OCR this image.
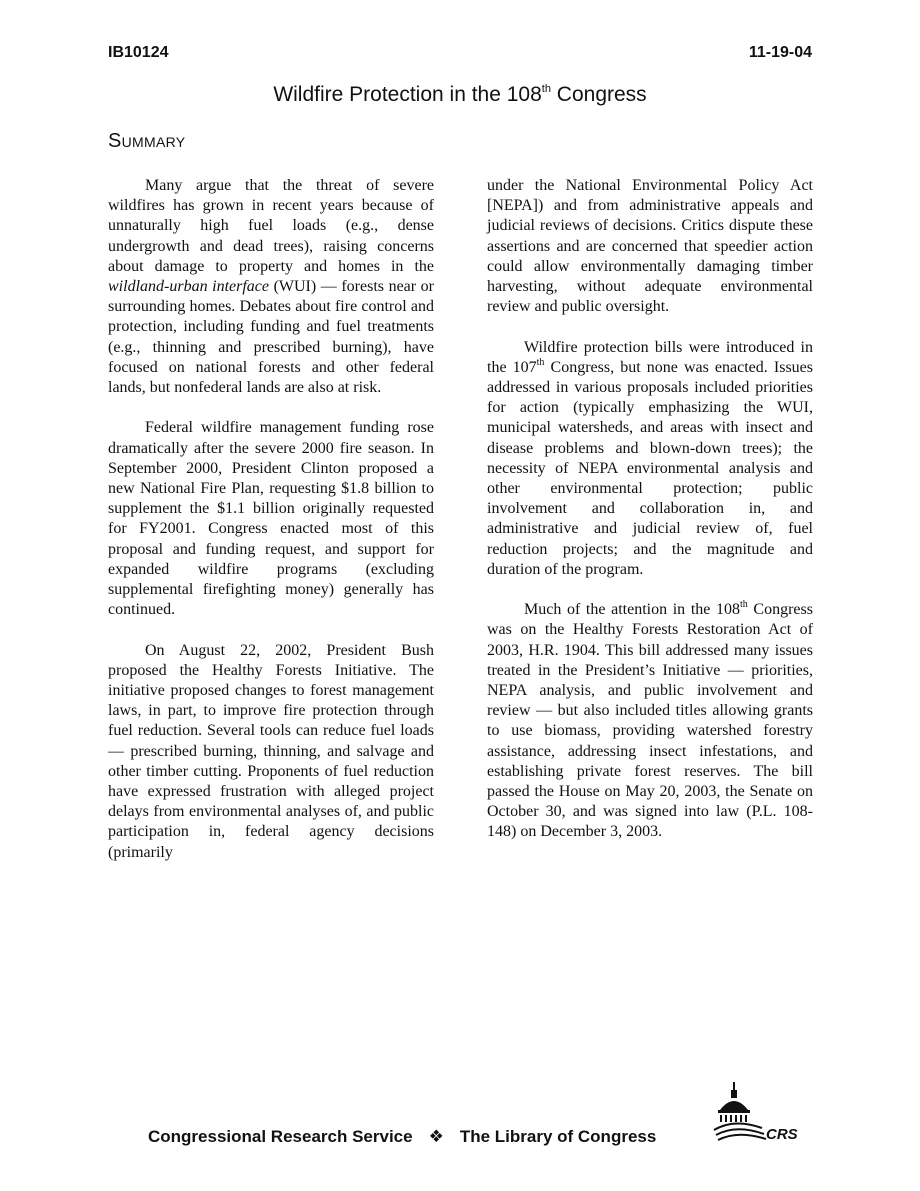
IB10124	11-19-04
Wildfire Protection in the 108th Congress
Summary

Many argue that the threat of severe wildfires has grown in recent years because of unnaturally high fuel loads (e.g., dense undergrowth and dead trees), raising concerns about damage to property and homes in the wildland-urban interface (WUI) — forests near or surrounding homes. Debates about fire control and protection, including funding and fuel treatments (e.g., thinning and prescribed burning), have focused on national forests and other federal lands, but nonfederal lands are also at risk.

Federal wildfire management funding rose dramatically after the severe 2000 fire season. In September 2000, President Clinton proposed a new National Fire Plan, requesting $1.8 billion to supplement the $1.1 billion originally requested for FY2001. Congress enacted most of this proposal and funding request, and support for expanded wildfire programs (excluding supplemental firefighting money) generally has continued.

On August 22, 2002, President Bush proposed the Healthy Forests Initiative. The initiative proposed changes to forest management laws, in part, to improve fire protection through fuel reduction. Several tools can reduce fuel loads — prescribed burning, thinning, and salvage and other timber cutting. Proponents of fuel reduction have expressed frustration with alleged project delays from environmental analyses of, and public participation in, federal agency decisions (primarily

under the National Environmental Policy Act [NEPA]) and from administrative appeals and judicial reviews of decisions. Critics dispute these assertions and are concerned that speedier action could allow environmentally damaging timber harvesting, without adequate environmental review and public oversight.

Wildfire protection bills were introduced in the 107th Congress, but none was enacted. Issues addressed in various proposals included priorities for action (typically emphasizing the WUI, municipal watersheds, and areas with insect and disease problems and blown-down trees); the necessity of NEPA environmental analysis and other environmental protection; public involvement and collaboration in, and administrative and judicial review of, fuel reduction projects; and the magnitude and duration of the program.

Much of the attention in the 108th Congress was on the Healthy Forests Restoration Act of 2003, H.R. 1904. This bill addressed many issues treated in the President’s Initiative — priorities, NEPA analysis, and public involvement and review — but also included titles allowing grants to use biomass, providing watershed forestry assistance, addressing insect infestations, and establishing private forest reserves. The bill passed the House on May 20, 2003, the Senate on October 30, and was signed into law (P.L. 108-148) on December 3, 2003.

Congressional Research Service ❖ The Library of Congress	CRS
